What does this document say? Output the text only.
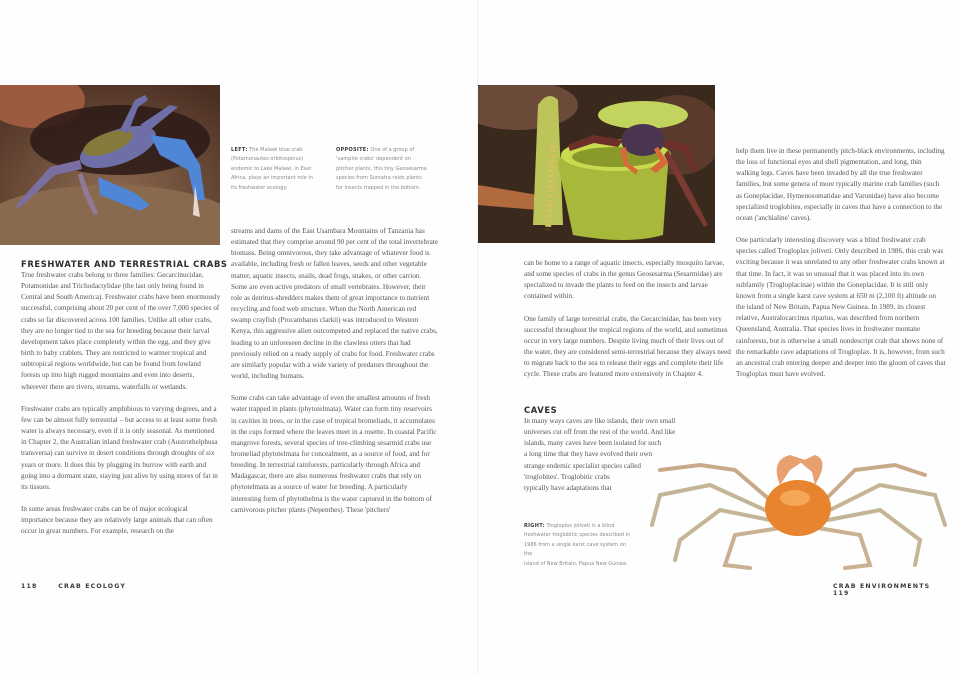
LEFT: The Malawi blue crab (Potamonautes orbitospinus) endemic to Lake Malawi, in East Africa, plays an important role in its freshwater ecology.
OPPOSITE: One of a group of 'vampire crabs' dependent on pitcher plants, this tiny Geosesarma species from Sumatra raids plants for insects trapped in the bottom.
FRESHWATER AND TERRESTRIAL CRABS

True freshwater crabs belong to three families: Gecarcinucidae, Potamonidae and Trichodactylidae (the last only being found in Central and South America). Freshwater crabs have been enormously successful, comprising about 20 per cent of the over 7,000 species of crabs so far discovered across 100 families. Unlike all other crabs, they are no longer tied to the sea for breeding because their larval development takes place completely within the egg, and they give birth to baby crablets. They are restricted to warmer tropical and subtropical regions worldwide, but can be found from lowland forests up into high rugged mountains and even into deserts, wherever there are rivers, streams, waterfalls or wetlands.

Freshwater crabs are typically amphibious to varying degrees, and a few can be almost fully terrestrial – but access to at least some fresh water is always necessary, even if it is only seasonal. As mentioned in Chapter 2, the Australian inland freshwater crab (Austrothelphusa transversa) can survive in desert conditions through droughts of six years or more. It does this by plugging its burrow with earth and going into a dormant state, staying just alive by using stores of fat in its tissues.

In some areas freshwater crabs can be of major ecological importance because they are relatively large animals that can often occur in great numbers. For example, research on the

streams and dams of the East Usambara Mountains of Tanzania has estimated that they comprise around 90 per cent of the total invertebrate biomass. Being omnivorous, they take advantage of whatever food is available, including fresh or fallen leaves, seeds and other vegetable matter, aquatic insects, snails, dead frogs, snakes, or other carrion. Some are even active predators of small vertebrates. However, their role as detritus-shredders makes them of great importance to nutrient recycling and food web structure. When the North American red swamp crayfish (Procambarus clarkii) was introduced to Western Kenya, this aggressive alien outcompeted and replaced the native crabs, leading to an unforeseen decline in the clawless otters that had previously relied on a ready supply of crabs for food. Freshwater crabs are similarly popular with a wide variety of predators throughout the world, including humans.

Some crabs can take advantage of even the smallest amounts of fresh water trapped in plants (phytotelmata). Water can form tiny reservoirs in cavities in trees, or in the case of tropical bromeliads, it accumulates in the cups formed where the leaves meet in a rosette. In coastal Pacific mangrove forests, several species of tree-climbing sesarmid crabs use bromeliad phytotelmata for concealment, as a source of food, and for breeding. In terrestrial rainforests, particularly through Africa and Madagascar, there are also numerous freshwater crabs that rely on phytotelmata as a source of water for breeding. A particularly interesting form of phytothelma is the water captured in the bottom of carnivorous pitcher plants (Nepenthes). These 'pitchers'

118	CRAB ECOLOGY

can be home to a range of aquatic insects, especially mosquito larvae, and some species of crabs in the genus Geosesarma (Sesarmidae) are specialized to invade the plants to feed on the insects and larvae contained within.

One family of large terrestrial crabs, the Gecarcinidae, has been very successful throughout the tropical regions of the world, and sometimes occur in very large numbers. Despite living much of their lives out of the water, they are considered semi-terrestrial because they always need to migrate back to the sea to release their eggs and complete their life cycle. These crabs are featured more extensively in Chapter 4.

CAVES
In many ways caves are like islands, their own small
universes cut off from the rest of the world. And like
islands, many caves have been isolated for such
a long time that they have evolved their own
strange endemic specialist species called
'troglobites'. Troglobitic crabs
typically have adaptations that
RIGHT: Trogloplax joliveti is a blind
freshwater troglobitic species described in
1986 from a single karst cave system on the
island of New Britain, Papua New Guinea.

help them live in these permanently pitch-black environments, including the loss of functional eyes and shell pigmentation, and long, thin walking legs. Caves have been invaded by all the true freshwater families, but some genera of more typically marine crab families (such as Goneplacidae, Hymenosomatidae and Varunidae) have also become specialized troglobites, especially in caves that have a connection to the ocean ('anchialine' caves).

One particularly interesting discovery was a blind freshwater crab species called Trogloplax joliveti. Only described in 1986, this crab was exciting because it was unrelated to any other freshwater crabs known at that time. In fact, it was so unusual that it was placed into its own subfamily (Trogloplacinae) within the Goneplacidae. It is still only known from a single karst cave system at 650 m (2,100 ft) altitude on the island of New Britain, Papua New Guinea. In 1989, its closest relative, Australocarcinus riparius, was described from northern Queensland, Australia. That species lives in freshwater montane rainforests, but is otherwise a small nondescript crab that shows none of the remarkable cave adaptations of Trogloplax. It is, however, from such an ancestral crab entering deeper and deeper into the gloom of caves that Trogloplax must have evolved.

CRAB ENVIRONMENTS  119
